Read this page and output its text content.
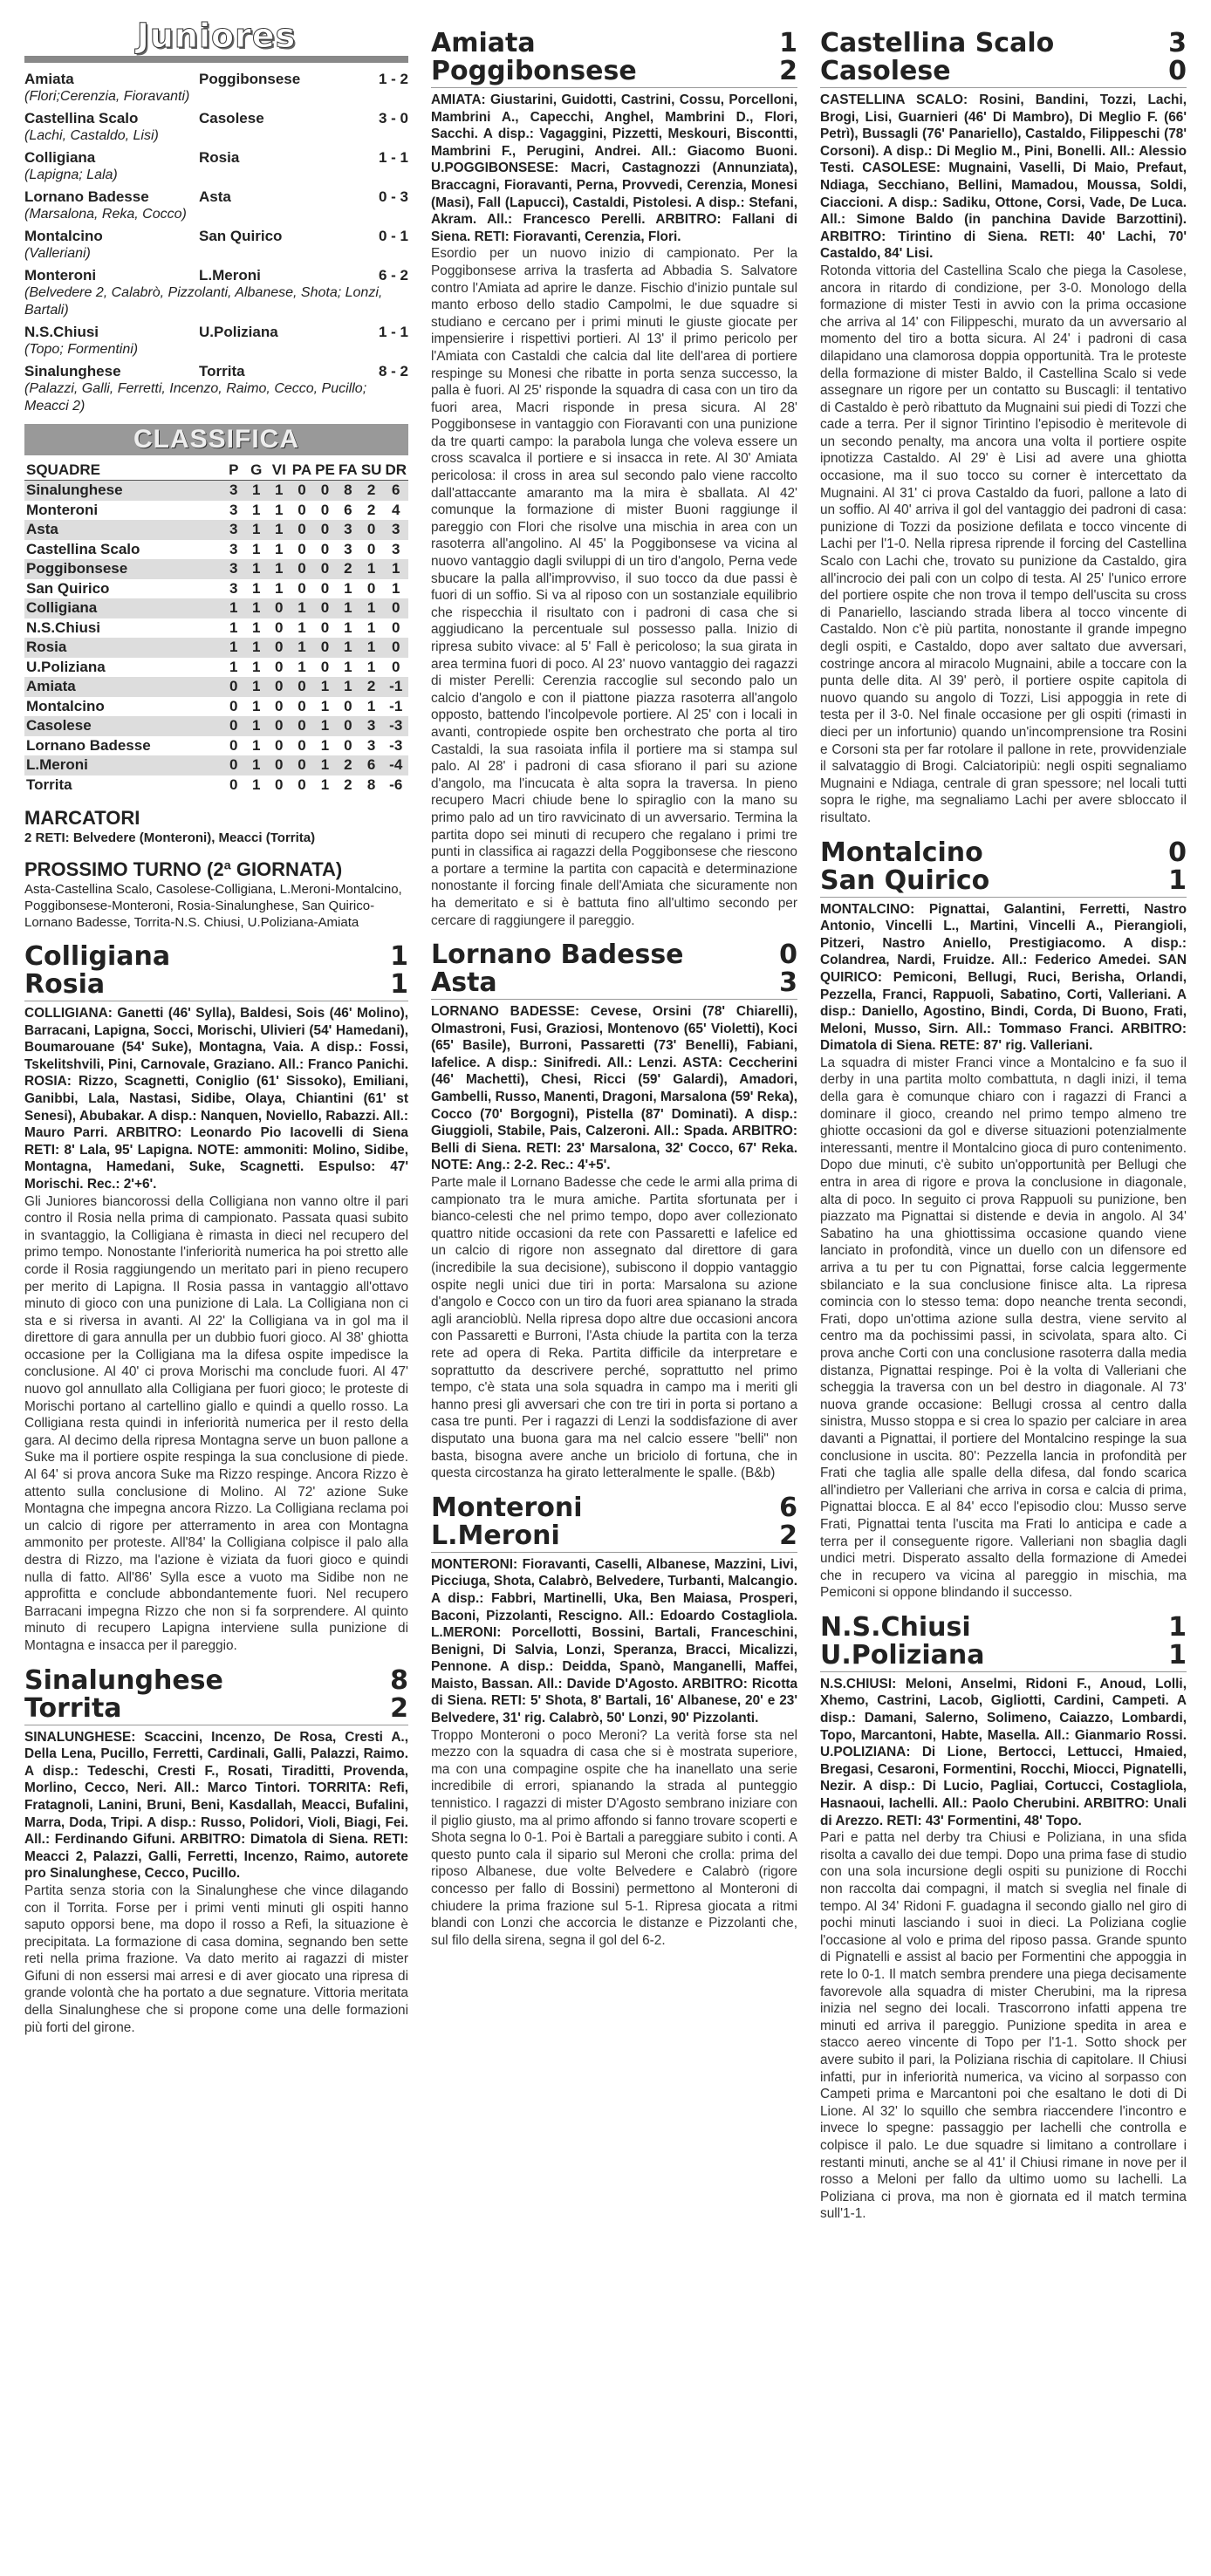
Juniores
Amiata	Poggibonsese	1 - 2
(Flori;Cerenzia, Fioravanti)
Castellina Scalo	Casolese	3 - 0
(Lachi, Castaldo, Lisi)
Colligiana	Rosia	1 - 1
(Lapigna; Lala)
Lornano Badesse	Asta	0 - 3
(Marsalona, Reka, Cocco)
Montalcino	San Quirico	0 - 1
(Valleriani)
Monteroni	L.Meroni	6 - 2
(Belvedere 2, Calabrò, Pizzolanti, Albanese, Shota; Lonzi, Bartali)
N.S.Chiusi	U.Poliziana	1 - 1
(Topo; Formentini)
Sinalunghese	Torrita	8 - 2
(Palazzi, Galli, Ferretti, Incenzo, Raimo, Cecco, Pucillo; Meacci 2)
CLASSIFICA
SQUADRE	P	G	VI	PA	PE	FA	SU	DR
Sinalunghese	3	1	1	0	0	8	2	6
Monteroni	3	1	1	0	0	6	2	4
Asta	3	1	1	0	0	3	0	3
Castellina Scalo	3	1	1	0	0	3	0	3
Poggibonsese	3	1	1	0	0	2	1	1
San Quirico	3	1	1	0	0	1	0	1
Colligiana	1	1	0	1	0	1	1	0
N.S.Chiusi	1	1	0	1	0	1	1	0
Rosia	1	1	0	1	0	1	1	0
U.Poliziana	1	1	0	1	0	1	1	0
Amiata	0	1	0	0	1	1	2	-1
Montalcino	0	1	0	0	1	0	1	-1
Casolese	0	1	0	0	1	0	3	-3
Lornano Badesse	0	1	0	0	1	0	3	-3
L.Meroni	0	1	0	0	1	2	6	-4
Torrita	0	1	0	0	1	2	8	-6
MARCATORI
2 RETI: Belvedere (Monteroni), Meacci (Torrita)
PROSSIMO TURNO (2ª GIORNATA)
Asta-Castellina Scalo, Casolese-Colligiana, L.Meroni-Montalcino, Poggibonsese-Monteroni, Rosia-Sinalunghese, San Quirico-Lornano Badesse, Torrita-N.S. Chiusi, U.Poliziana-Amiata
Colligiana	1
Rosia	1
COLLIGIANA: Ganetti (46' Sylla), Baldesi, Sois (46' Molino), Barracani, Lapigna, Socci, Morischi, Ulivieri (54' Hamedani), Boumarouane (54' Suke), Montagna, Vaia. A disp.: Fossi, Tskelitshvili, Pini, Carnovale, Graziano. All.: Franco Panichi. ROSIA: Rizzo, Scagnetti, Coniglio (61' Sissoko), Emiliani, Ganibbi, Lala, Nastasi, Sidibe, Olaya, Chiantini (61' st Senesi), Abubakar. A disp.: Nanquen, Noviello, Rabazzi. All.: Mauro Parri. ARBITRO: Leonardo Pio Iacovelli di Siena RETI: 8' Lala, 95' Lapigna. NOTE: ammoniti: Molino, Sidibe, Montagna, Hamedani, Suke, Scagnetti. Espulso: 47' Morischi. Rec.: 2'+6'.
Gli Juniores biancorossi della Colligiana non vanno oltre il pari contro il Rosia nella prima di campionato. Passata quasi subito in svantaggio, la Colligiana è rimasta in dieci nel recupero del primo tempo. Nonostante l'inferiorità numerica ha poi stretto alle corde il Rosia raggiungendo un meritato pari in pieno recupero per merito di Lapigna. Il Rosia passa in vantaggio all'ottavo minuto di gioco con una punizione di Lala. La Colligiana non ci sta e si riversa in avanti. Al 22' la Colligiana va in gol ma il direttore di gara annulla per un dubbio fuori gioco. Al 38' ghiotta occasione per la Colligiana ma la difesa ospite impedisce la conclusione. Al 40' ci prova Morischi ma conclude fuori. Al 47' nuovo gol annullato alla Colligiana per fuori gioco; le proteste di Morischi portano al cartellino giallo e quindi a quello rosso. La Colligiana resta quindi in inferiorità numerica per il resto della gara. Al decimo della ripresa Montagna serve un buon pallone a Suke ma il portiere ospite respinga la sua conclusione di piede. Al 64' si prova ancora Suke ma Rizzo respinge. Ancora Rizzo è attento sulla conclusione di Molino. Al 72' azione Suke Montagna che impegna ancora Rizzo. La Colligiana reclama poi un calcio di rigore per atterramento in area con Montagna ammonito per proteste. All'84' la Colligiana colpisce il palo alla destra di Rizzo, ma l'azione è viziata da fuori gioco e quindi nulla di fatto. All'86' Sylla esce a vuoto ma Sidibe non ne approfitta e conclude abbondantemente fuori. Nel recupero Barracani impegna Rizzo che non si fa sorprendere. Al quinto minuto di recupero Lapigna interviene sulla punizione di Montagna e insacca per il pareggio.
Sinalunghese	8
Torrita	2
SINALUNGHESE: Scaccini, Incenzo, De Rosa, Cresti A., Della Lena, Pucillo, Ferretti, Cardinali, Galli, Palazzi, Raimo. A disp.: Tedeschi, Cresti F., Rosati, Tiraditti, Provenda, Morlino, Cecco, Neri. All.: Marco Tintori. TORRITA: Refi, Fratagnoli, Lanini, Bruni, Beni, Kasdallah, Meacci, Bufalini, Marra, Doda, Tripi. A disp.: Russo, Polidori, Violi, Biagi, Fei. All.: Ferdinando Gifuni. ARBITRO: Dimatola di Siena. RETI: Meacci 2, Palazzi, Galli, Ferretti, Incenzo, Raimo, autorete pro Sinalunghese, Cecco, Pucillo.
Partita senza storia con la Sinalunghese che vince dilagando con il Torrita. Forse per i primi venti minuti gli ospiti hanno saputo opporsi bene, ma dopo il rosso a Refi, la situazione è precipitata. La formazione di casa domina, segnando ben sette reti nella prima frazione. Va dato merito ai ragazzi di mister Gifuni di non essersi mai arresi e di aver giocato una ripresa di grande volontà che ha portato a due segnature. Vittoria meritata della Sinalunghese che si propone come una delle formazioni più forti del girone.
Amiata	1
Poggibonsese	2
AMIATA: Giustarini, Guidotti, Castrini, Cossu, Porcelloni, Mambrini A., Capecchi, Anghel, Mambrini D., Flori, Sacchi. A disp.: Vagaggini, Pizzetti, Meskouri, Biscontti, Mambrini F., Perugini, Andrei. All.: Giacomo Buoni. U.POGGIBONSESE: Macri, Castagnozzi (Annunziata), Braccagni, Fioravanti, Perna, Provvedi, Cerenzia, Monesi (Masi), Fall (Lapucci), Castaldi, Pistolesi. A disp.: Stefani, Akram. All.: Francesco Perelli. ARBITRO: Fallani di Siena. RETI: Fioravanti, Cerenzia, Flori.
Esordio per un nuovo inizio di campionato. Per la Poggibonsese arriva la trasferta ad Abbadia S. Salvatore contro l'Amiata ad aprire le danze. Fischio d'inizio puntale sul manto erboso dello stadio Campolmi, le due squadre si studiano e cercano per i primi minuti le giuste giocate per impensierire i rispettivi portieri. Al 13' il primo pericolo per l'Amiata con Castaldi che calcia dal lite dell'area di portiere respinge su Monesi che ribatte in porta senza successo, la palla è fuori. Al 25' risponde la squadra di casa con un tiro da fuori area, Macri risponde in presa sicura. Al 28' Poggibonsese in vantaggio con Fioravanti con una punizione da tre quarti campo: la parabola lunga che voleva essere un cross scavalca il portiere e si insacca in rete. Al 30' Amiata pericolosa: il cross in area sul secondo palo viene raccolto dall'attaccante amaranto ma la mira è sballata. Al 42' comunque la formazione di mister Buoni raggiunge il pareggio con Flori che risolve una mischia in area con un rasoterra all'angolino. Al 45' la Poggibonsese va vicina al nuovo vantaggio dagli sviluppi di un tiro d'angolo, Perna vede sbucare la palla all'improvviso, il suo tocco da due passi è fuori di un soffio. Si va al riposo con un sostanziale equilibrio che rispecchia il risultato con i padroni di casa che si aggiudicano la percentuale sul possesso palla. Inizio di ripresa subito vivace: al 5' Fall è pericoloso; la sua girata in area termina fuori di poco. Al 23' nuovo vantaggio dei ragazzi di mister Perelli: Cerenzia raccoglie sul secondo palo un calcio d'angolo e con il piattone piazza rasoterra all'angolo opposto, battendo l'incolpevole portiere. Al 25' con i locali in avanti, contropiede ospite ben orchestrato che porta al tiro Castaldi, la sua rasoiata infila il portiere ma si stampa sul palo. Al 28' i padroni di casa sfiorano il pari su azione d'angolo, ma l'incucata è alta sopra la traversa. In pieno recupero Macri chiude bene lo spiraglio con la mano su primo palo ad un tiro ravvicinato di un avversario. Termina la partita dopo sei minuti di recupero che regalano i primi tre punti in classifica ai ragazzi della Poggibonsese che riescono a portare a termine la partita con capacità e determinazione nonostante il forcing finale dell'Amiata che sicuramente non ha demeritato e si è battuta fino all'ultimo secondo per cercare di raggiungere il pareggio.
Lornano Badesse	0
Asta	3
LORNANO BADESSE: Cevese, Orsini (78' Chiarelli), Olmastroni, Fusi, Graziosi, Montenovo (65' Violetti), Koci (65' Basile), Burroni, Passaretti (73' Benelli), Fabiani, Iafelice. A disp.: Sinifredi. All.: Lenzi. ASTA: Ceccherini (46' Machetti), Chesi, Ricci (59' Galardi), Amadori, Gambelli, Russo, Manenti, Dragoni, Marsalona (59' Reka), Cocco (70' Borgogni), Pistella (87' Dominati). A disp.: Giuggioli, Stabile, Pais, Calzeroni. All.: Spada. ARBITRO: Belli di Siena. RETI: 23' Marsalona, 32' Cocco, 67' Reka. NOTE: Ang.: 2-2. Rec.: 4'+5'.
Parte male il Lornano Badesse che cede le armi alla prima di campionato tra le mura amiche. Partita sfortunata per i bianco-celesti che nel primo tempo, dopo aver collezionato quattro nitide occasioni da rete con Passaretti e Iafelice ed un calcio di rigore non assegnato dal direttore di gara (incredibile la sua decisione), subiscono il doppio vantaggio ospite negli unici due tiri in porta: Marsalona su azione d'angolo e Cocco con un tiro da fuori area spianano la strada agli arancioblù. Nella ripresa dopo altre due occasioni ancora con Passaretti e Burroni, l'Asta chiude la partita con la terza rete ad opera di Reka. Partita difficile da interpretare e soprattutto da descrivere perché, soprattutto nel primo tempo, c'è stata una sola squadra in campo ma i meriti gli hanno presi gli avversari che con tre tiri in porta si portano a casa tre punti. Per i ragazzi di Lenzi la soddisfazione di aver disputato una buona gara ma nel calcio essere "belli" non basta, bisogna avere anche un briciolo di fortuna, che in questa circostanza ha girato letteralmente le spalle. (B&b)
Monteroni	6
L.Meroni	2
MONTERONI: Fioravanti, Caselli, Albanese, Mazzini, Livi, Picciuga, Shota, Calabrò, Belvedere, Turbanti, Malcangio. A disp.: Fabbri, Martinelli, Uka, Ben Maiasa, Prosperi, Baconi, Pizzolanti, Rescigno. All.: Edoardo Costagliola. L.MERONI: Porcellotti, Bossini, Bartali, Franceschini, Benigni, Di Salvia, Lonzi, Speranza, Bracci, Micalizzi, Pennone. A disp.: Deidda, Spanò, Manganelli, Maffei, Maisto, Bassan. All.: Davide D'Agosto. ARBITRO: Ricotta di Siena. RETI: 5' Shota, 8' Bartali, 16' Albanese, 20' e 23' Belvedere, 31' rig. Calabrò, 50' Lonzi, 90' Pizzolanti.
Troppo Monteroni o poco Meroni? La verità forse sta nel mezzo con la squadra di casa che si è mostrata superiore, ma con una compagine ospite che ha inanellato una serie incredibile di errori, spianando la strada al punteggio tennistico. I ragazzi di mister D'Agosto sembrano iniziare con il piglio giusto, ma al primo affondo si fanno trovare scoperti e Shota segna lo 0-1. Poi è Bartali a pareggiare subito i conti. A questo punto cala il sipario sul Meroni che crolla: prima del riposo Albanese, due volte Belvedere e Calabrò (rigore concesso per fallo di Bossini) permettono al Monteroni di chiudere la prima frazione sul 5-1. Ripresa giocata a ritmi blandi con Lonzi che accorcia le distanze e Pizzolanti che, sul filo della sirena, segna il gol del 6-2.
Castellina Scalo	3
Casolese	0
CASTELLINA SCALO: Rosini, Bandini, Tozzi, Lachi, Brogi, Lisi, Guarnieri (46' Di Mambro), Di Meglio F. (66' Petrì), Bussagli (76' Panariello), Castaldo, Filippeschi (78' Corsoni). A disp.: Di Meglio M., Pini, Bonelli. All.: Alessio Testi. CASOLESE: Mugnaini, Vaselli, Di Maio, Prefaut, Ndiaga, Secchiano, Bellini, Mamadou, Moussa, Soldi, Ciaccioni. A disp.: Sadiku, Ottone, Corsi, Vade, De Luca. All.: Simone Baldo (in panchina Davide Barzottini). ARBITRO: Tirintino di Siena. RETI: 40' Lachi, 70' Castaldo, 84' Lisi.
Rotonda vittoria del Castellina Scalo che piega la Casolese, ancora in ritardo di condizione, per 3-0. Monologo della formazione di mister Testi in avvio con la prima occasione che arriva al 14' con Filippeschi, murato da un avversario al momento del tiro a botta sicura. Al 24' i padroni di casa dilapidano una clamorosa doppia opportunità. Tra le proteste della formazione di mister Baldo, il Castellina Scalo si vede assegnare un rigore per un contatto su Buscagli: il tentativo di Castaldo è però ribattuto da Mugnaini sui piedi di Tozzi che cade a terra. Per il signor Tirintino l'episodio è meritevole di un secondo penalty, ma ancora una volta il portiere ospite ipnotizza Castaldo. Al 29' è Lisi ad avere una ghiotta occasione, ma il suo tocco su corner è intercettato da Mugnaini. Al 31' ci prova Castaldo da fuori, pallone a lato di un soffio. Al 40' arriva il gol del vantaggio dei padroni di casa: punizione di Tozzi da posizione defilata e tocco vincente di Lachi per l'1-0. Nella ripresa riprende il forcing del Castellina Scalo con Lachi che, trovato su punizione da Castaldo, gira all'incrocio dei pali con un colpo di testa. Al 25' l'unico errore del portiere ospite che non trova il tempo dell'uscita su cross di Panariello, lasciando strada libera al tocco vincente di Castaldo. Non c'è più partita, nonostante il grande impegno degli ospiti, e Castaldo, dopo aver saltato due avversari, costringe ancora al miracolo Mugnaini, abile a toccare con la punta delle dita. Al 39' però, il portiere ospite capitola di nuovo quando su angolo di Tozzi, Lisi appoggia in rete di testa per il 3-0. Nel finale occasione per gli ospiti (rimasti in dieci per un infortunio) quando un'incomprensione tra Rosini e Corsoni sta per far rotolare il pallone in rete, provvidenziale il salvataggio di Brogi. Calciatoripiù: negli ospiti segnaliamo Mugnaini e Ndiaga, centrale di gran spessore; nel locali tutti sopra le righe, ma segnaliamo Lachi per avere sbloccato il risultato.
Montalcino	0
San Quirico	1
MONTALCINO: Pignattai, Galantini, Ferretti, Nastro Antonio, Vincelli L., Martini, Vincelli A., Pierangioli, Pitzeri, Nastro Aniello, Prestigiacomo. A disp.: Colandrea, Nardi, Fruidze. All.: Federico Amedei. SAN QUIRICO: Pemiconi, Bellugi, Ruci, Berisha, Orlandi, Pezzella, Franci, Rappuoli, Sabatino, Corti, Valleriani. A disp.: Daniello, Agostino, Bindi, Corda, Di Buono, Frati, Meloni, Musso, Sirn. All.: Tommaso Franci. ARBITRO: Dimatola di Siena. RETE: 87' rig. Valleriani.
La squadra di mister Franci vince a Montalcino e fa suo il derby in una partita molto combattuta, n dagli inizi, il tema della gara è comunque chiaro con i ragazzi di Franci a dominare il gioco, creando nel primo tempo almeno tre ghiotte occasioni da gol e diverse situazioni potenzialmente interessanti, mentre il Montalcino gioca di puro contenimento. Dopo due minuti, c'è subito un'opportunità per Bellugi che entra in area di rigore e prova la conclusione in diagonale, alta di poco. In seguito ci prova Rappuoli su punizione, ben piazzato ma Pignattai si distende e devia in angolo. Al 34' Sabatino ha una ghiottissima occasione quando viene lanciato in profondità, vince un duello con un difensore ed arriva a tu per tu con Pignattai, forse calcia leggermente sbilanciato e la sua conclusione finisce alta. La ripresa comincia con lo stesso tema: dopo neanche trenta secondi, Frati, dopo un'ottima azione sulla destra, viene servito al centro ma da pochissimi passi, in scivolata, spara alto. Ci prova anche Corti con una conclusione rasoterra dalla media distanza, Pignattai respinge. Poi è la volta di Valleriani che scheggia la traversa con un bel destro in diagonale. Al 73' nuova grande occasione: Bellugi crossa al centro dalla sinistra, Musso stoppa e si crea lo spazio per calciare in area davanti a Pignattai, il portiere del Montalcino respinge la sua conclusione in uscita. 80': Pezzella lancia in profondità per Frati che taglia alle spalle della difesa, dal fondo scarica all'indietro per Valleriani che arriva in corsa e calcia di prima, Pignattai blocca. E al 84' ecco l'episodio clou: Musso serve Frati, Pignattai tenta l'uscita ma Frati lo anticipa e cade a terra per il conseguente rigore. Valleriani non sbaglia dagli undici metri. Disperato assalto della formazione di Amedei che in recupero va vicina al pareggio in mischia, ma Pemiconi si oppone blindando il successo.
N.S.Chiusi	1
U.Poliziana	1
N.S.CHIUSI: Meloni, Anselmi, Ridoni F., Anoud, Lolli, Xhemo, Castrini, Lacob, Gigliotti, Cardini, Campeti. A disp.: Damani, Salerno, Solimeno, Caiazzo, Lombardi, Topo, Marcantoni, Habte, Masella. All.: Gianmario Rossi. U.POLIZIANA: Di Lione, Bertocci, Lettucci, Hmaied, Bregasi, Cesaroni, Formentini, Rocchi, Miocci, Pignatelli, Nezir. A disp.: Di Lucio, Pagliai, Cortucci, Costagliola, Hasnaoui, Iachelli. All.: Paolo Cherubini. ARBITRO: Unali di Arezzo. RETI: 43' Formentini, 48' Topo.
Pari e patta nel derby tra Chiusi e Poliziana, in una sfida risolta a cavallo dei due tempi. Dopo una prima fase di studio con una sola incursione degli ospiti su punizione di Rocchi non raccolta dai compagni, il match si sveglia nel finale di tempo. Al 34' Ridoni F. guadagna il secondo giallo nel giro di pochi minuti lasciando i suoi in dieci. La Poliziana coglie l'occasione al volo e prima del riposo passa. Grande spunto di Pignatelli e assist al bacio per Formentini che appoggia in rete lo 0-1. Il match sembra prendere una piega decisamente favorevole alla squadra di mister Cherubini, ma la ripresa inizia nel segno dei locali. Trascorrono infatti appena tre minuti ed arriva il pareggio. Punizione spedita in area e stacco aereo vincente di Topo per l'1-1. Sotto shock per avere subito il pari, la Poliziana rischia di capitolare. Il Chiusi infatti, pur in inferiorità numerica, va vicino al sorpasso con Campeti prima e Marcantoni poi che esaltano le doti di Di Lione. Al 32' lo squillo che sembra riaccendere l'incontro e invece lo spegne: passaggio per Iachelli che controlla e colpisce il palo. Le due squadre si limitano a controllare i restanti minuti, anche se al 41' il Chiusi rimane in nove per il rosso a Meloni per fallo da ultimo uomo su Iachelli. La Poliziana ci prova, ma non è giornata ed il match termina sull'1-1.
